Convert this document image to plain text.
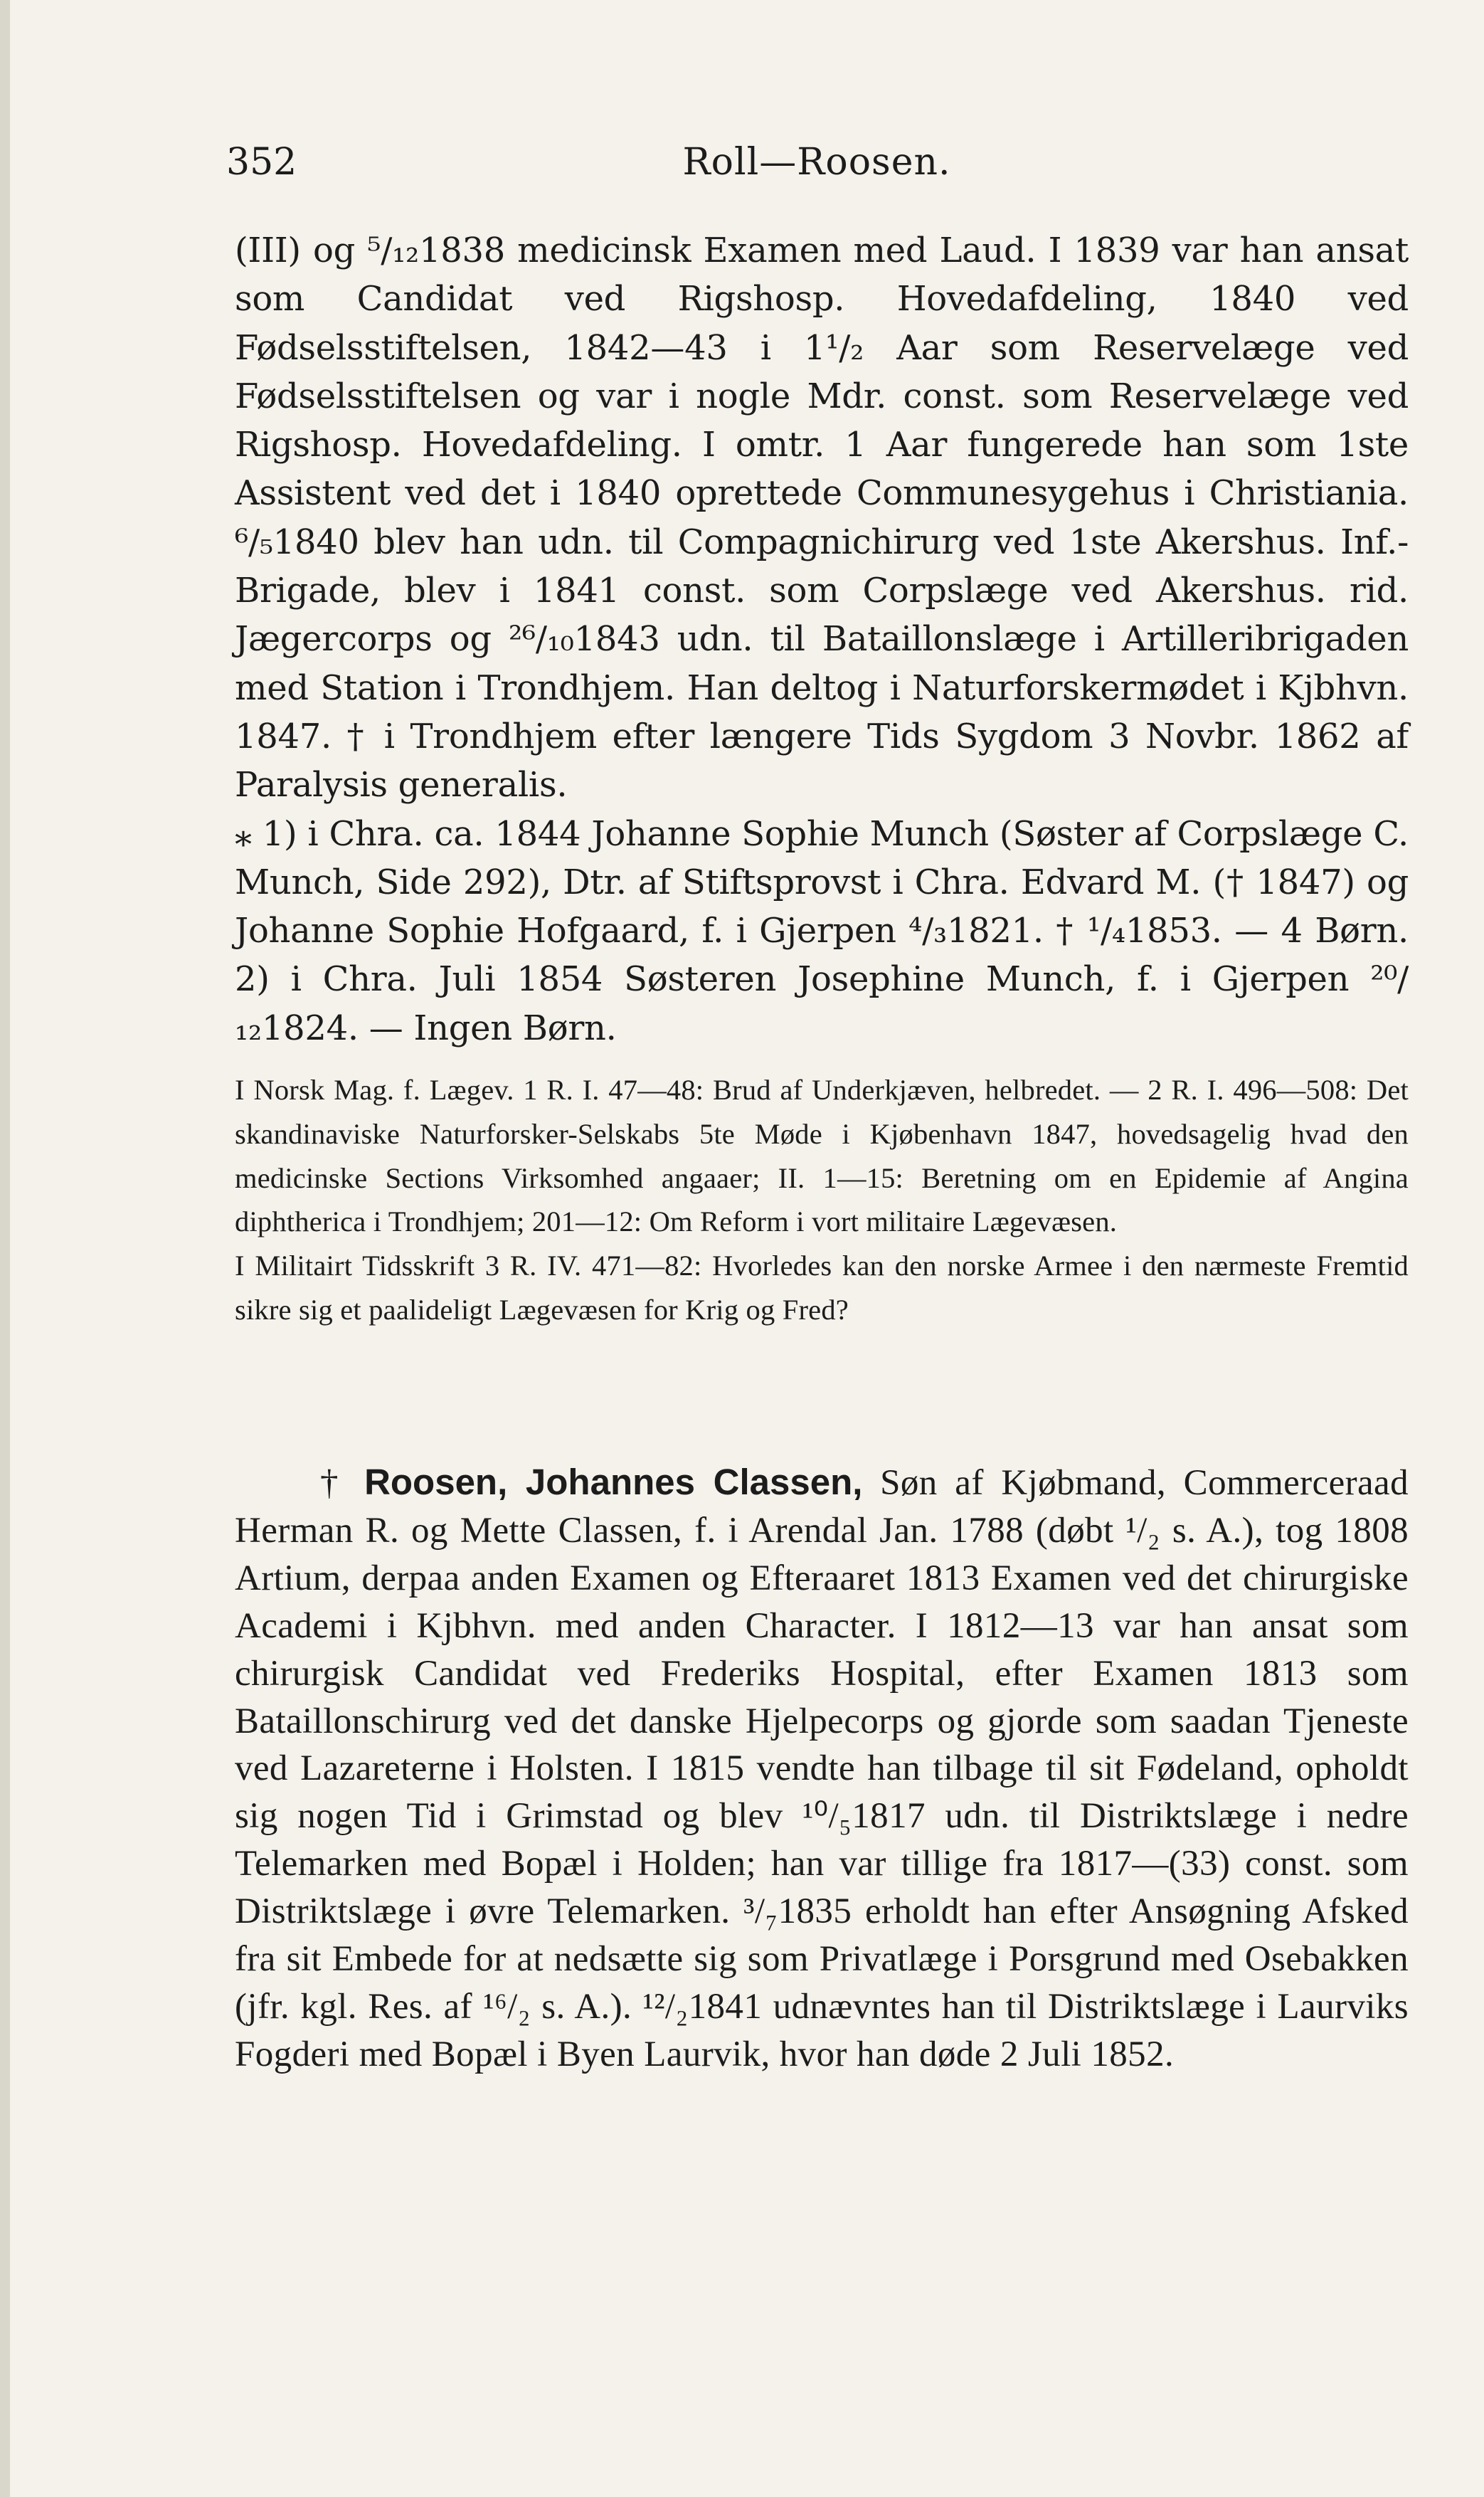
352	Roll—Roosen.

(III) og ⁵/₁₂1838 medicinsk Examen med Laud. I 1839 var han ansat som Candidat ved Rigshosp. Hovedafdeling, 1840 ved Fødselsstiftelsen, 1842—43 i 1¹/₂ Aar som Reservelæge ved Fødselsstiftelsen og var i nogle Mdr. const. som Reservelæge ved Rigshosp. Hovedafdeling. I omtr. 1 Aar fungerede han som 1ste Assistent ved det i 1840 oprettede Communesygehus i Christiania. ⁶/₅1840 blev han udn. til Compagnichirurg ved 1ste Akershus. Inf.-Brigade, blev i 1841 const. som Corpslæge ved Akershus. rid. Jægercorps og ²⁶/₁₀1843 udn. til Bataillonslæge i Artilleribrigaden med Station i Trondhjem. Han deltog i Naturforskermødet i Kjbhvn. 1847. † i Trondhjem efter længere Tids Sygdom 3 Novbr. 1862 af Paralysis generalis.

⁎ 1) i Chra. ca. 1844 Johanne Sophie Munch (Søster af Corpslæge C. Munch, Side 292), Dtr. af Stiftsprovst i Chra. Edvard M. († 1847) og Johanne Sophie Hofgaard, f. i Gjerpen ⁴/₃1821. † ¹/₄1853. — 4 Børn. 2) i Chra. Juli 1854 Søsteren Josephine Munch, f. i Gjerpen ²⁰/₁₂1824. — Ingen Børn.

I Norsk Mag. f. Lægev. 1 R. I. 47—48: Brud af Underkjæven, helbredet. — 2 R. I. 496—508: Det skandinaviske Naturforsker-Selskabs 5te Møde i Kjøbenhavn 1847, hovedsagelig hvad den medicinske Sections Virksomhed angaaer; II. 1—15: Beretning om en Epidemie af Angina diphtherica i Trondhjem; 201—12: Om Reform i vort militaire Lægevæsen.

I Militairt Tidsskrift 3 R. IV. 471—82: Hvorledes kan den norske Armee i den nærmeste Fremtid sikre sig et paalideligt Lægevæsen for Krig og Fred?

† Roosen, Johannes Classen, Søn af Kjøbmand, Commerceraad Herman R. og Mette Classen, f. i Arendal Jan. 1788 (døbt ¹/₂ s. A.), tog 1808 Artium, derpaa anden Examen og Efteraaret 1813 Examen ved det chirurgiske Academi i Kjbhvn. med anden Character. I 1812—13 var han ansat som chirurgisk Candidat ved Frederiks Hospital, efter Examen 1813 som Bataillonschirurg ved det danske Hjelpecorps og gjorde som saadan Tjeneste ved Lazareterne i Holsten. I 1815 vendte han tilbage til sit Fødeland, opholdt sig nogen Tid i Grimstad og blev ¹⁰/₅1817 udn. til Distriktslæge i nedre Telemarken med Bopæl i Holden; han var tillige fra 1817—(33) const. som Distriktslæge i øvre Telemarken. ³/₇1835 erholdt han efter Ansøgning Afsked fra sit Embede for at nedsætte sig som Privatlæge i Porsgrund med Osebakken (jfr. kgl. Res. af ¹⁶/₂ s. A.). ¹²/₂1841 udnævntes han til Distriktslæge i Laurviks Fogderi med Bopæl i Byen Laurvik, hvor han døde 2 Juli 1852.
